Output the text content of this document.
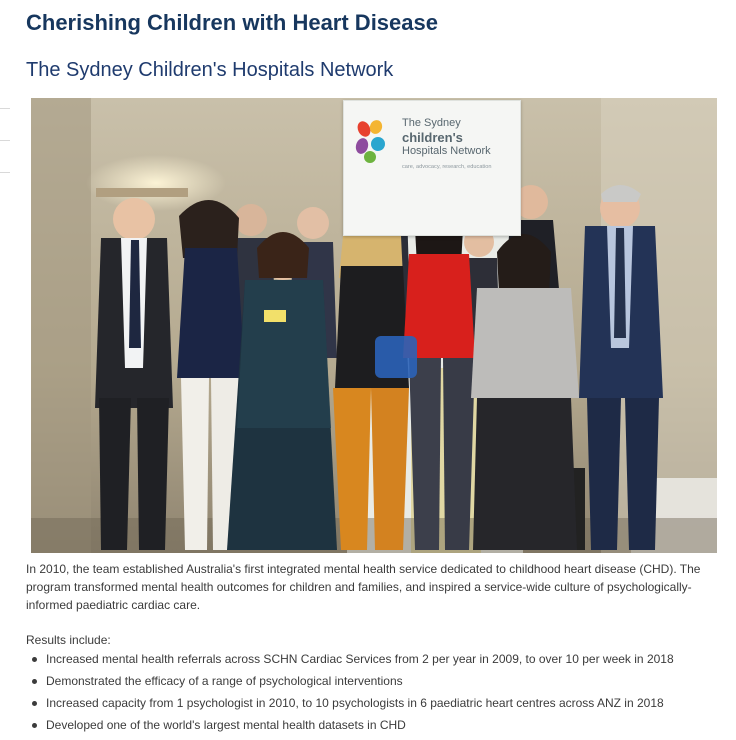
Cherishing Children with Heart Disease
The Sydney Children's Hospitals Network
The Sydney
children's
Hospitals Network
care, advocacy, research, education

In 2010, the team established Australia's first integrated mental health service dedicated to childhood heart disease (CHD). The program transformed mental health outcomes for children and families, and inspired a service-wide culture of psychologically-informed paediatric cardiac care.

Results include:

Increased mental health referrals across SCHN Cardiac Services from 2 per year in 2009, to over 10 per week in 2018
Demonstrated the efficacy of a range of psychological interventions
Increased capacity from 1 psychologist in 2010, to 10 psychologists in 6 paediatric heart centres across ANZ in 2018
Developed one of the world's largest mental health datasets in CHD
